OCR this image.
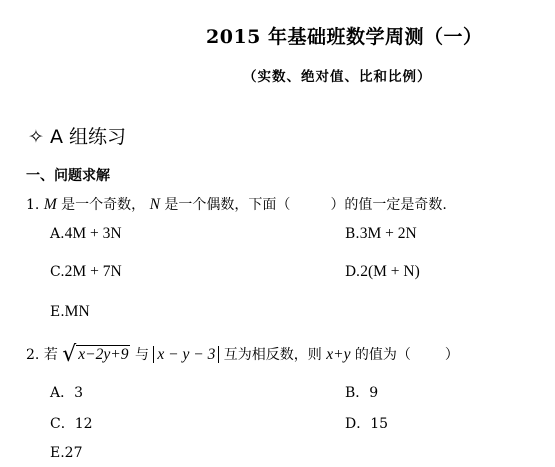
2015 年基础班数学周测（一）
（实数、绝对值、比和比例）
✧ A 组练习
一、问题求解
1. M 是一个奇数， N 是一个偶数，下面（	）的值一定是奇数.
A.4M + 3N	B.3M + 2N
C.2M + 7N	D.2(M + N)
E.MN
2. 若 √ x−2y+9 与 x − y − 3 互为相反数，则 x+y 的值为（ ）
A．3	B．9
C．12	D．15
E.27
